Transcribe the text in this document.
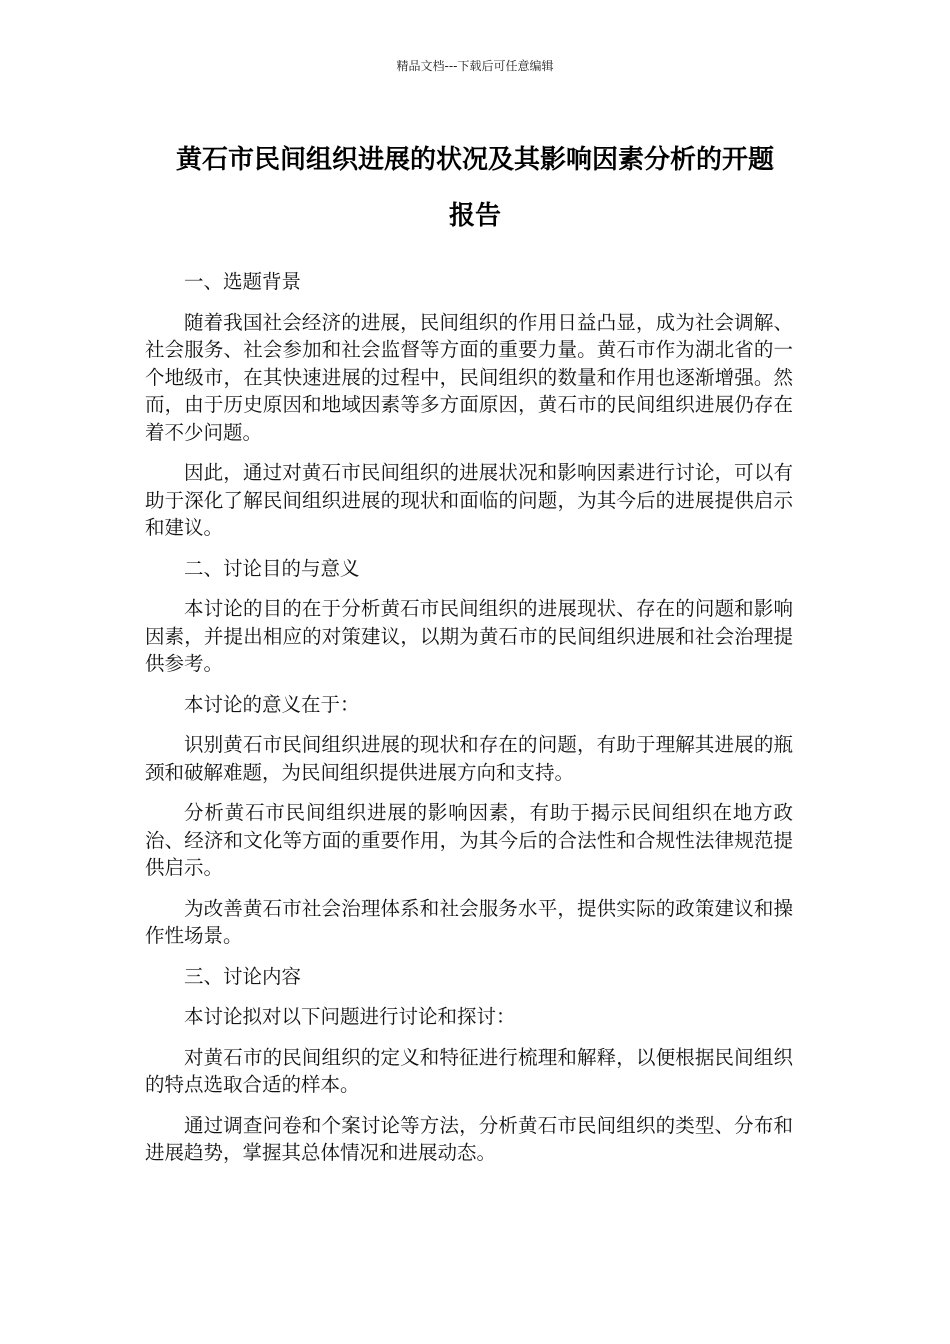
精品文档---下载后可任意编辑
黄石市民间组织进展的状况及其影响因素分析的开题
报告

一、选题背景

随着我国社会经济的进展，民间组织的作用日益凸显，成为社会调解、社会服务、社会参加和社会监督等方面的重要力量。黄石市作为湖北省的一个地级市，在其快速进展的过程中，民间组织的数量和作用也逐渐增强。然而，由于历史原因和地域因素等多方面原因，黄石市的民间组织进展仍存在着不少问题。

因此，通过对黄石市民间组织的进展状况和影响因素进行讨论，可以有助于深化了解民间组织进展的现状和面临的问题，为其今后的进展提供启示和建议。

二、讨论目的与意义

本讨论的目的在于分析黄石市民间组织的进展现状、存在的问题和影响因素，并提出相应的对策建议，以期为黄石市的民间组织进展和社会治理提供参考。

本讨论的意义在于：

识别黄石市民间组织进展的现状和存在的问题，有助于理解其进展的瓶颈和破解难题，为民间组织提供进展方向和支持。

分析黄石市民间组织进展的影响因素，有助于揭示民间组织在地方政治、经济和文化等方面的重要作用，为其今后的合法性和合规性法律规范提供启示。

为改善黄石市社会治理体系和社会服务水平，提供实际的政策建议和操作性场景。

三、讨论内容

本讨论拟对以下问题进行讨论和探讨：

对黄石市的民间组织的定义和特征进行梳理和解释，以便根据民间组织的特点选取合适的样本。

通过调查问卷和个案讨论等方法，分析黄石市民间组织的类型、分布和进展趋势，掌握其总体情况和进展动态。
